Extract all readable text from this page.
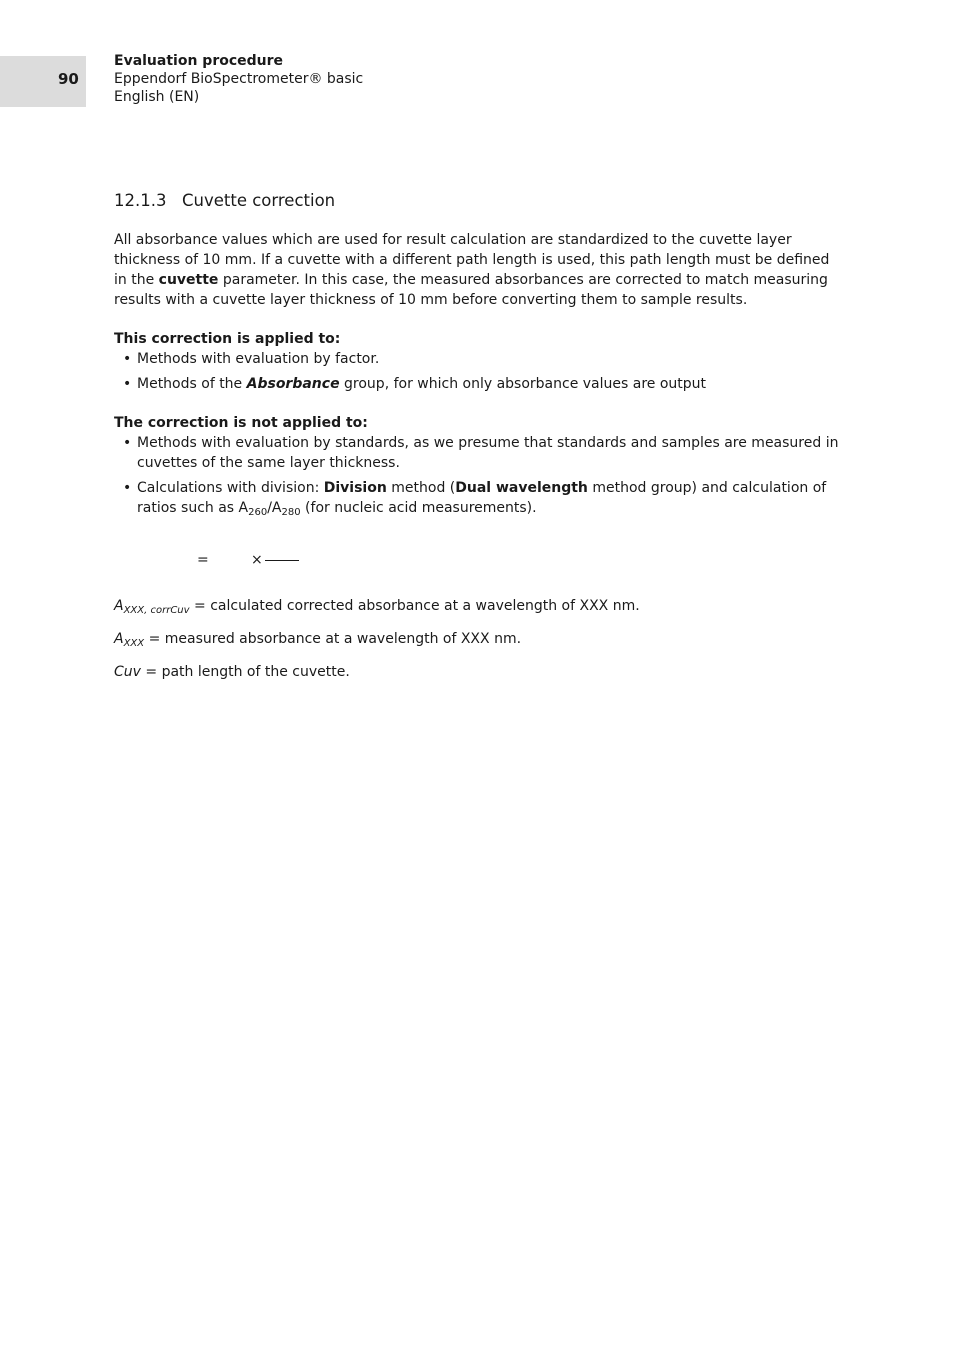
90
Evaluation procedure
Eppendorf BioSpectrometer® basic
English (EN)
12.1.3 Cuvette correction

All absorbance values which are used for result calculation are standardized to the cuvette layer thickness of 10 mm. If a cuvette with a different path length is used, this path length must be defined in the cuvette parameter. In this case, the measured absorbances are corrected to match measuring results with a cuvette layer thickness of 10 mm before converting them to sample results.

This correction is applied to:
• Methods with evaluation by factor.
• Methods of the Absorbance group, for which only absorbance values are output
The correction is not applied to:
• Methods with evaluation by standards, as we presume that standards and samples are measured in cuvettes of the same layer thickness.
• Calculations with division: Division method (Dual wavelength method group) and calculation of ratios such as $A_{260}/A_{280}$ (for nucleic acid measurements).
=	×

$A_{XXX, corrCuv}$ = calculated corrected absorbance at a wavelength of XXX nm.

$A_{XXX}$ = measured absorbance at a wavelength of XXX nm.

Cuv = path length of the cuvette.
